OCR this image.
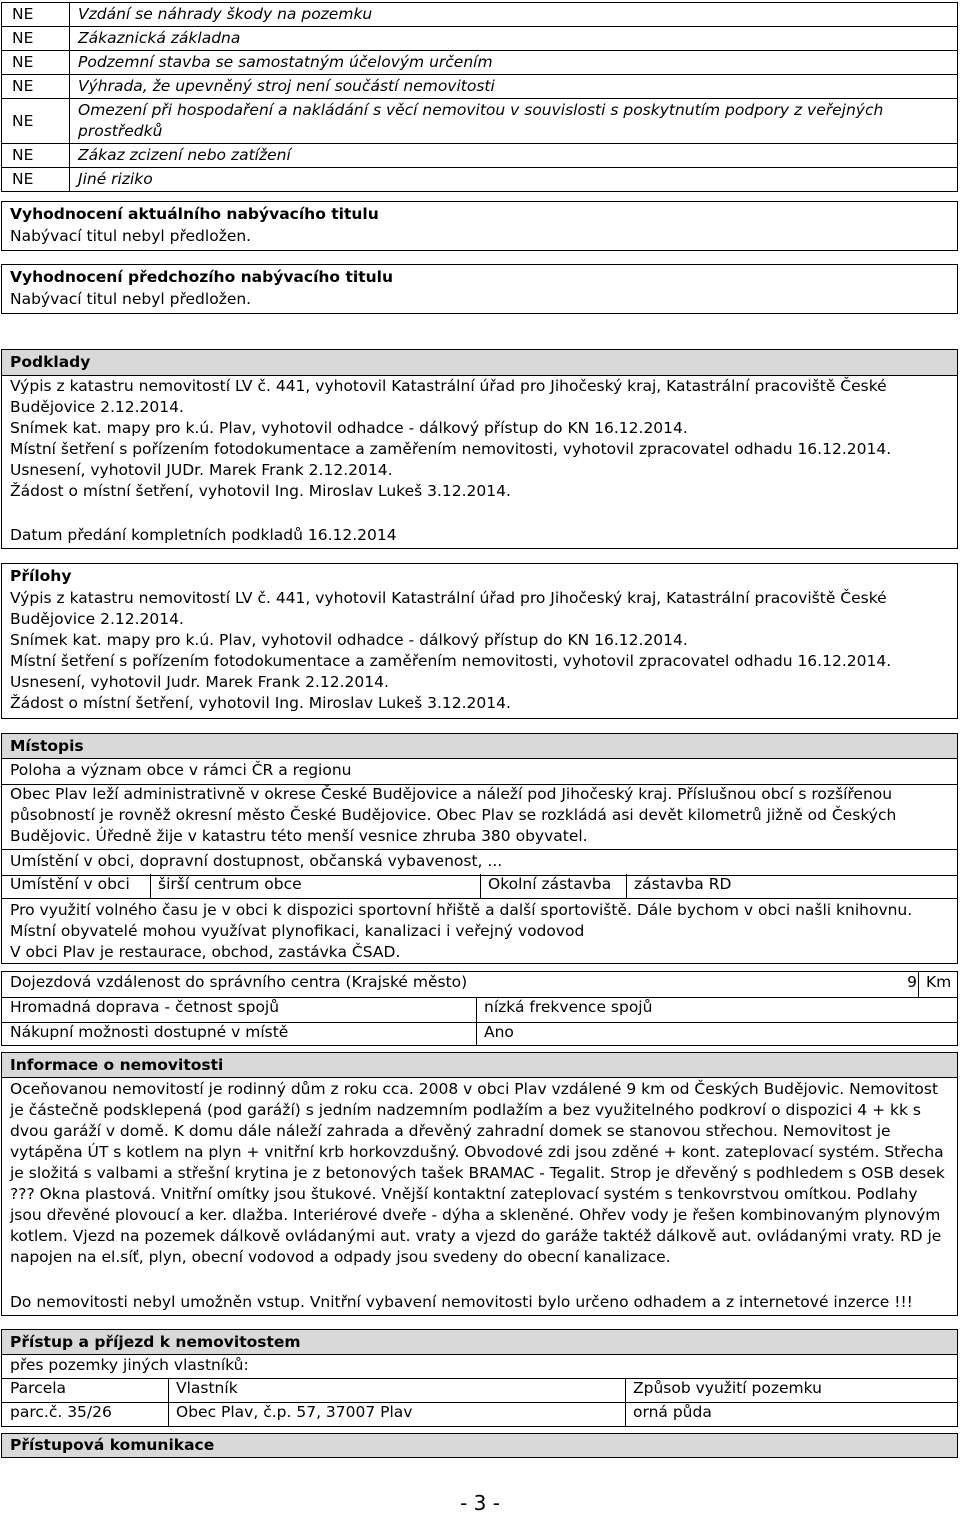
NE	Vzdání se náhrady škody na pozemku
NE	Zákaznická základna
NE	Podzemní stavba se samostatným účelovým určením
NE	Výhrada, že upevněný stroj není součástí nemovitosti
NE	Omezení při hospodaření a nakládání s věcí nemovitou v souvislosti s poskytnutím podpory z veřejných prostředků
NE	Zákaz zcizení nebo zatížení
NE	Jiné riziko
Vyhodnocení aktuálního nabývacího titulu
Nabývací titul nebyl předložen.
Vyhodnocení předchozího nabývacího titulu
Nabývací titul nebyl předložen.
Podklady
Výpis z katastru nemovitostí LV č. 441, vyhotovil Katastrální úřad pro Jihočeský kraj, Katastrální pracoviště České
Budějovice 2.12.2014.
Snímek kat. mapy pro k.ú. Plav, vyhotovil odhadce - dálkový přístup do KN 16.12.2014.
Místní šetření s pořízením fotodokumentace a zaměřením nemovitosti, vyhotovil zpracovatel odhadu 16.12.2014.
Usnesení, vyhotovil JUDr. Marek Frank 2.12.2014.
Žádost o místní šetření, vyhotovil Ing. Miroslav Lukeš 3.12.2014.
Datum předání kompletních podkladů 16.12.2014
Přílohy
Výpis z katastru nemovitostí LV č. 441, vyhotovil Katastrální úřad pro Jihočeský kraj, Katastrální pracoviště České
Budějovice 2.12.2014.
Snímek kat. mapy pro k.ú. Plav, vyhotovil odhadce - dálkový přístup do KN 16.12.2014.
Místní šetření s pořízením fotodokumentace a zaměřením nemovitosti, vyhotovil zpracovatel odhadu 16.12.2014.
Usnesení, vyhotovil Judr. Marek Frank 2.12.2014.
Žádost o místní šetření, vyhotovil Ing. Miroslav Lukeš 3.12.2014.
Místopis
Poloha a význam obce v rámci ČR a regionu
Obec Plav leží administrativně v okrese České Budějovice a náleží pod Jihočeský kraj. Příslušnou obcí s rozšířenou
působností je rovněž okresní město České Budějovice. Obec Plav se rozkládá asi devět kilometrů jižně od Českých
Budějovic. Úředně žije v katastru této menší vesnice zhruba 380 obyvatel.
Umístění v obci, dopravní dostupnost, občanská vybavenost, ...
Umístění v obci	širší centrum obce	Okolní zástavba	zástavba RD
Pro využití volného času je v obci k dispozici sportovní hřiště a další sportoviště. Dále bychom v obci našli knihovnu.
Místní obyvatelé mohou využívat plynofikaci, kanalizaci i veřejný vodovod
V obci Plav je restaurace, obchod, zastávka ČSAD.
Dojezdová vzdálenost do správního centra (Krajské město)	9 Km
Hromadná doprava - četnost spojů	nízká frekvence spojů
Nákupní možnosti dostupné v místě	Ano
Informace o nemovitosti
Oceňovanou nemovitostí je rodinný dům z roku cca. 2008 v obci Plav vzdálené 9 km od Českých Budějovic. Nemovitost
je částečně podsklepená (pod garáží) s jedním nadzemním podlažím a bez využitelného podkroví o dispozici 4 + kk s
dvou garáží v domě. K domu dále náleží zahrada a dřevěný zahradní domek se stanovou střechou. Nemovitost je
vytápěna ÚT s kotlem na plyn + vnitřní krb horkovzdušný. Obvodové zdi jsou zděné + kont. zateplovací systém. Střecha
je složitá s valbami a střešní krytina je z betonových tašek BRAMAC - Tegalit. Strop je dřevěný s podhledem s OSB desek
??? Okna plastová. Vnitřní omítky jsou štukové. Vnější kontaktní zateplovací systém s tenkovrstvou omítkou. Podlahy
jsou dřevěné plovoucí a ker. dlažba. Interiérové dveře - dýha a skleněné. Ohřev vody je řešen kombinovaným plynovým
kotlem. Vjezd na pozemek dálkově ovládanými aut. vraty a vjezd do garáže taktéž dálkově aut. ovládanými vraty. RD je
napojen na el.síť, plyn, obecní vodovod a odpady jsou svedeny do obecní kanalizace.
Do nemovitosti nebyl umožněn vstup. Vnitřní vybavení nemovitosti bylo určeno odhadem a z internetové inzerce !!!
Přístup a příjezd k nemovitostem
přes pozemky jiných vlastníků:
Parcela	Vlastník	Způsob využití pozemku
parc.č. 35/26	Obec Plav, č.p. 57, 37007 Plav	orná půda
Přístupová komunikace
- 3 -
